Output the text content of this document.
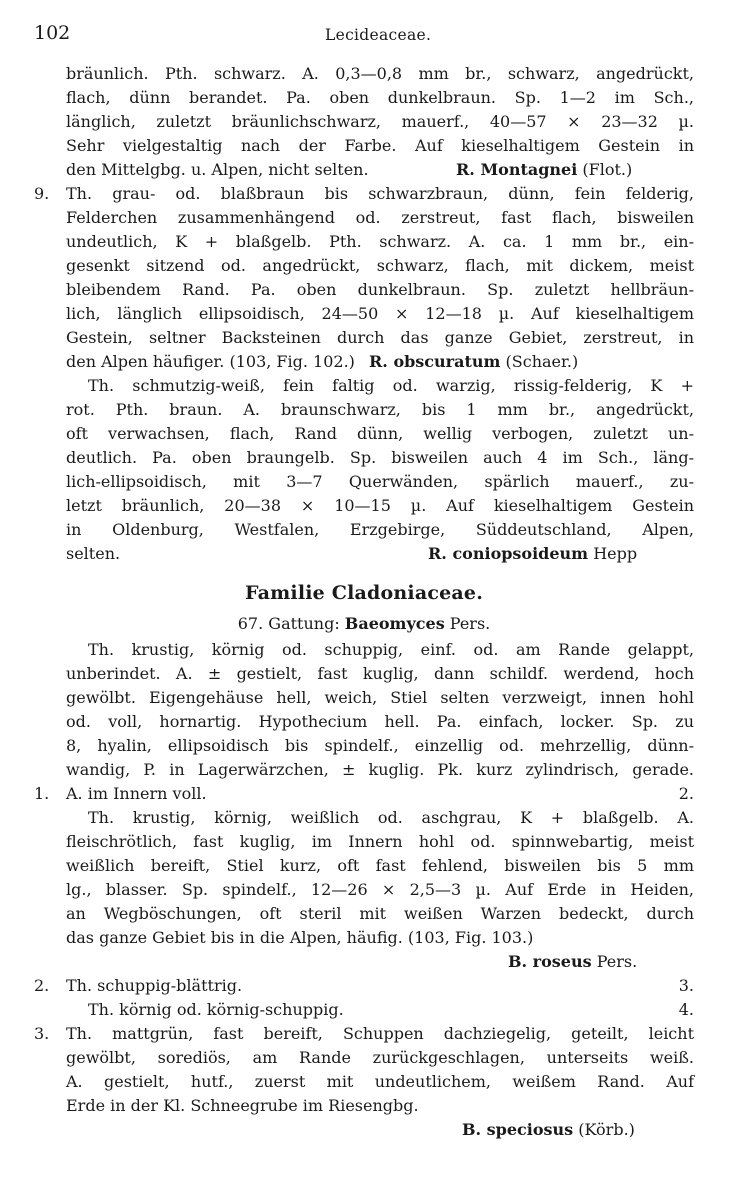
102	Lecideaceae.
bräunlich. Pth. schwarz. A. 0,3—0,8 mm br., schwarz, angedrückt,
flach, dünn berandet. Pa. oben dunkelbraun. Sp. 1—2 im Sch.,
länglich, zuletzt bräunlichschwarz, mauerf., 40—57 × 23—32 µ.
Sehr vielgestaltig nach der Farbe. Auf kieselhaltigem Gestein in
Th. grau- od. blaßbraun bis schwarzbraun, dünn, fein felderig,
Felderchen zusammenhängend od. zerstreut, fast flach, bisweilen
undeutlich, K + blaßgelb. Pth. schwarz. A. ca. 1 mm br., ein-
gesenkt sitzend od. angedrückt, schwarz, flach, mit dickem, meist
bleibendem Rand. Pa. oben dunkelbraun. Sp. zuletzt hellbräun-
lich, länglich ellipsoidisch, 24—50 × 12—18 µ. Auf kieselhaltigem
Gestein, seltner Backsteinen durch das ganze Gebiet, zerstreut, in
Th. schmutzig-weiß, fein faltig od. warzig, rissig-felderig, K +
rot. Pth. braun. A. braunschwarz, bis 1 mm br., angedrückt,
oft verwachsen, flach, Rand dünn, wellig verbogen, zuletzt un-
deutlich. Pa. oben braungelb. Sp. bisweilen auch 4 im Sch., läng-
lich-ellipsoidisch, mit 3—7 Querwänden, spärlich mauerf., zu-
letzt bräunlich, 20—38 × 10—15 µ. Auf kieselhaltigem Gestein
in Oldenburg, Westfalen, Erzgebirge, Süddeutschland, Alpen,
Th. krustig, körnig od. schuppig, einf. od. am Rande gelappt,
unberindet. A. ± gestielt, fast kuglig, dann schildf. werdend, hoch
gewölbt. Eigengehäuse hell, weich, Stiel selten verzweigt, innen hohl
od. voll, hornartig. Hypothecium hell. Pa. einfach, locker. Sp. zu
8, hyalin, ellipsoidisch bis spindelf., einzellig od. mehrzellig, dünn-
wandig, P. in Lagerwärzchen, ± kuglig. Pk. kurz zylindrisch, gerade.
Th. krustig, körnig, weißlich od. aschgrau, K + blaßgelb. A.
fleischrötlich, fast kuglig, im Innern hohl od. spinnwebartig, meist
weißlich bereift, Stiel kurz, oft fast fehlend, bisweilen bis 5 mm
lg., blasser. Sp. spindelf., 12—26 × 2,5—3 µ. Auf Erde in Heiden,
an Wegböschungen, oft steril mit weißen Warzen bedeckt, durch
Th. mattgrün, fast bereift, Schuppen dachziegelig, geteilt, leicht
gewölbt, sorediös, am Rande zurückgeschlagen, unterseits weiß.
A. gestielt, hutf., zuerst mit undeutlichem, weißem Rand. Auf
den Mittelgbg. u. Alpen, nicht selten.
den Alpen häufiger. (103, Fig. 102.)
selten.
A. im Innern voll.
das ganze Gebiet bis in die Alpen, häufig. (103, Fig. 103.)
Th. schuppig-blättrig.
Th. körnig od. körnig-schuppig.
Erde in der Kl. Schneegrube im Riesengbg.
R. Montagnei (Flot.)
R. obscuratum (Schaer.)
R. coniopsoideum Hepp
B. roseus Pers.
B. speciosus (Körb.)
9.
1.
2.
3.
2.
3.
4.
Familie Cladoniaceae.
67. Gattung: Baeomyces Pers.
